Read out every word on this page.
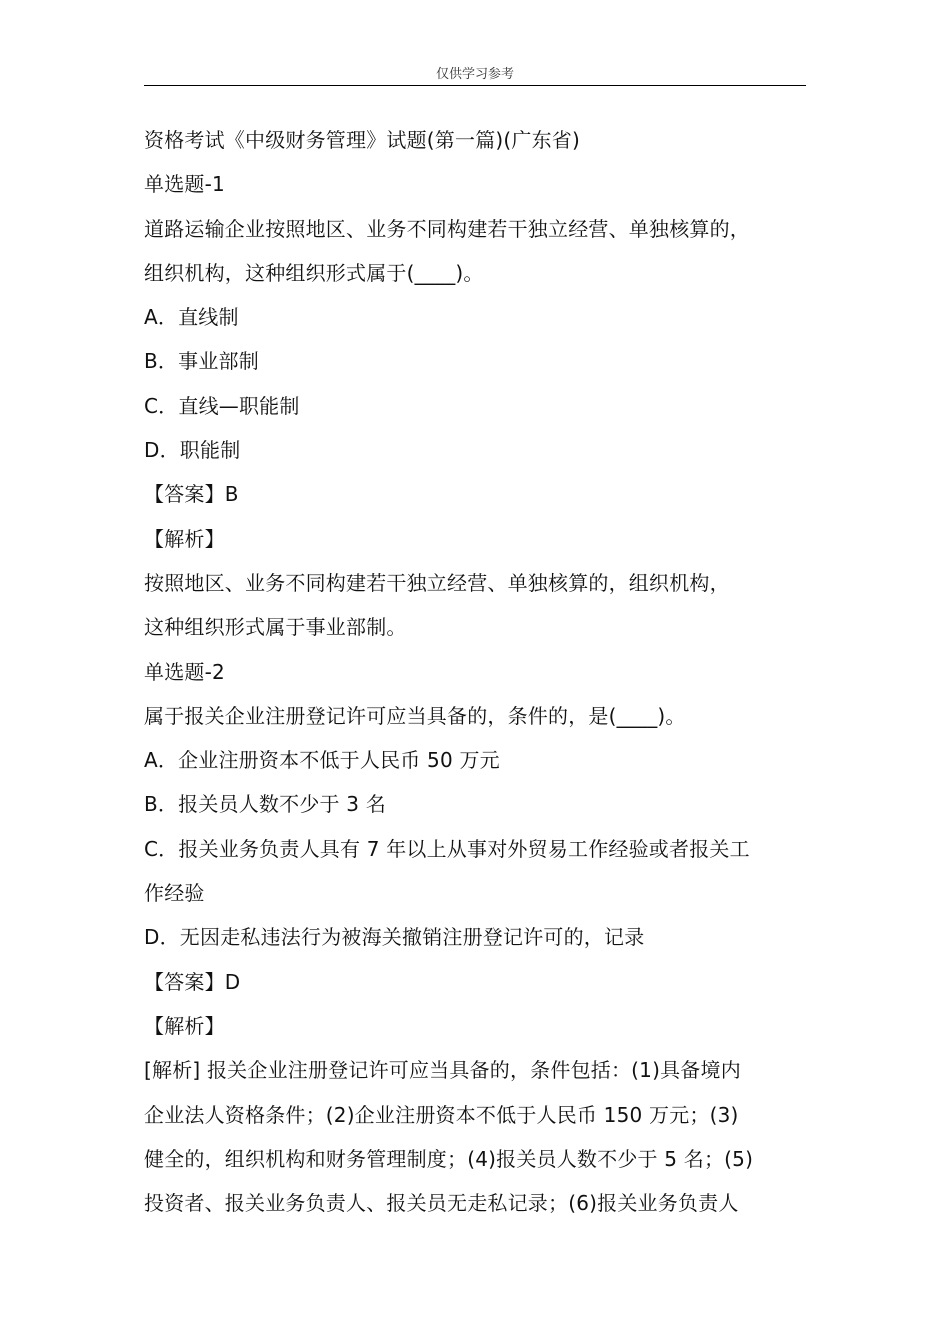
仅供学习参考
资格考试《中级财务管理》试题(第一篇)(广东省)
单选题-1
道路运输企业按照地区、业务不同构建若干独立经营、单独核算的，
组织机构，这种组织形式属于(____)。
A．直线制
B．事业部制
C．直线—职能制
D．职能制
【答案】B
【解析】
按照地区、业务不同构建若干独立经营、单独核算的，组织机构，
这种组织形式属于事业部制。
单选题-2
属于报关企业注册登记许可应当具备的，条件的，是(____)。
A．企业注册资本不低于人民币 50 万元
B．报关员人数不少于 3 名
C．报关业务负责人具有 7 年以上从事对外贸易工作经验或者报关工
作经验
D．无因走私违法行为被海关撤销注册登记许可的，记录
【答案】D
【解析】
[解析] 报关企业注册登记许可应当具备的，条件包括：(1)具备境内
企业法人资格条件；(2)企业注册资本不低于人民币 150 万元；(3)
健全的，组织机构和财务管理制度；(4)报关员人数不少于 5 名；(5)
投资者、报关业务负责人、报关员无走私记录；(6)报关业务负责人
